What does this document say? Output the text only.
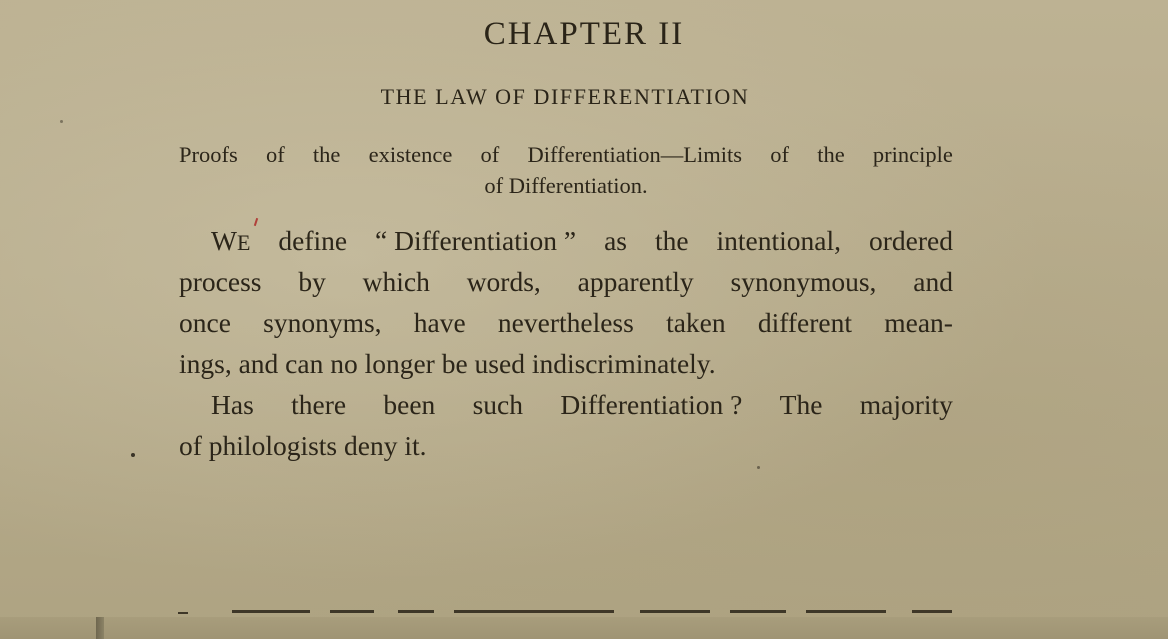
CHAPTER II
THE LAW OF DIFFERENTIATION
Proofs of the existence of Differentiation—Limits of the principle
of Differentiation.
WE define “ Differentiation ” as the intentional, ordered
process by which words, apparently synonymous, and
once synonyms, have nevertheless taken different mean-
ings, and can no longer be used indiscriminately.
Has there been such Differentiation ? The majority
of philologists deny it.
